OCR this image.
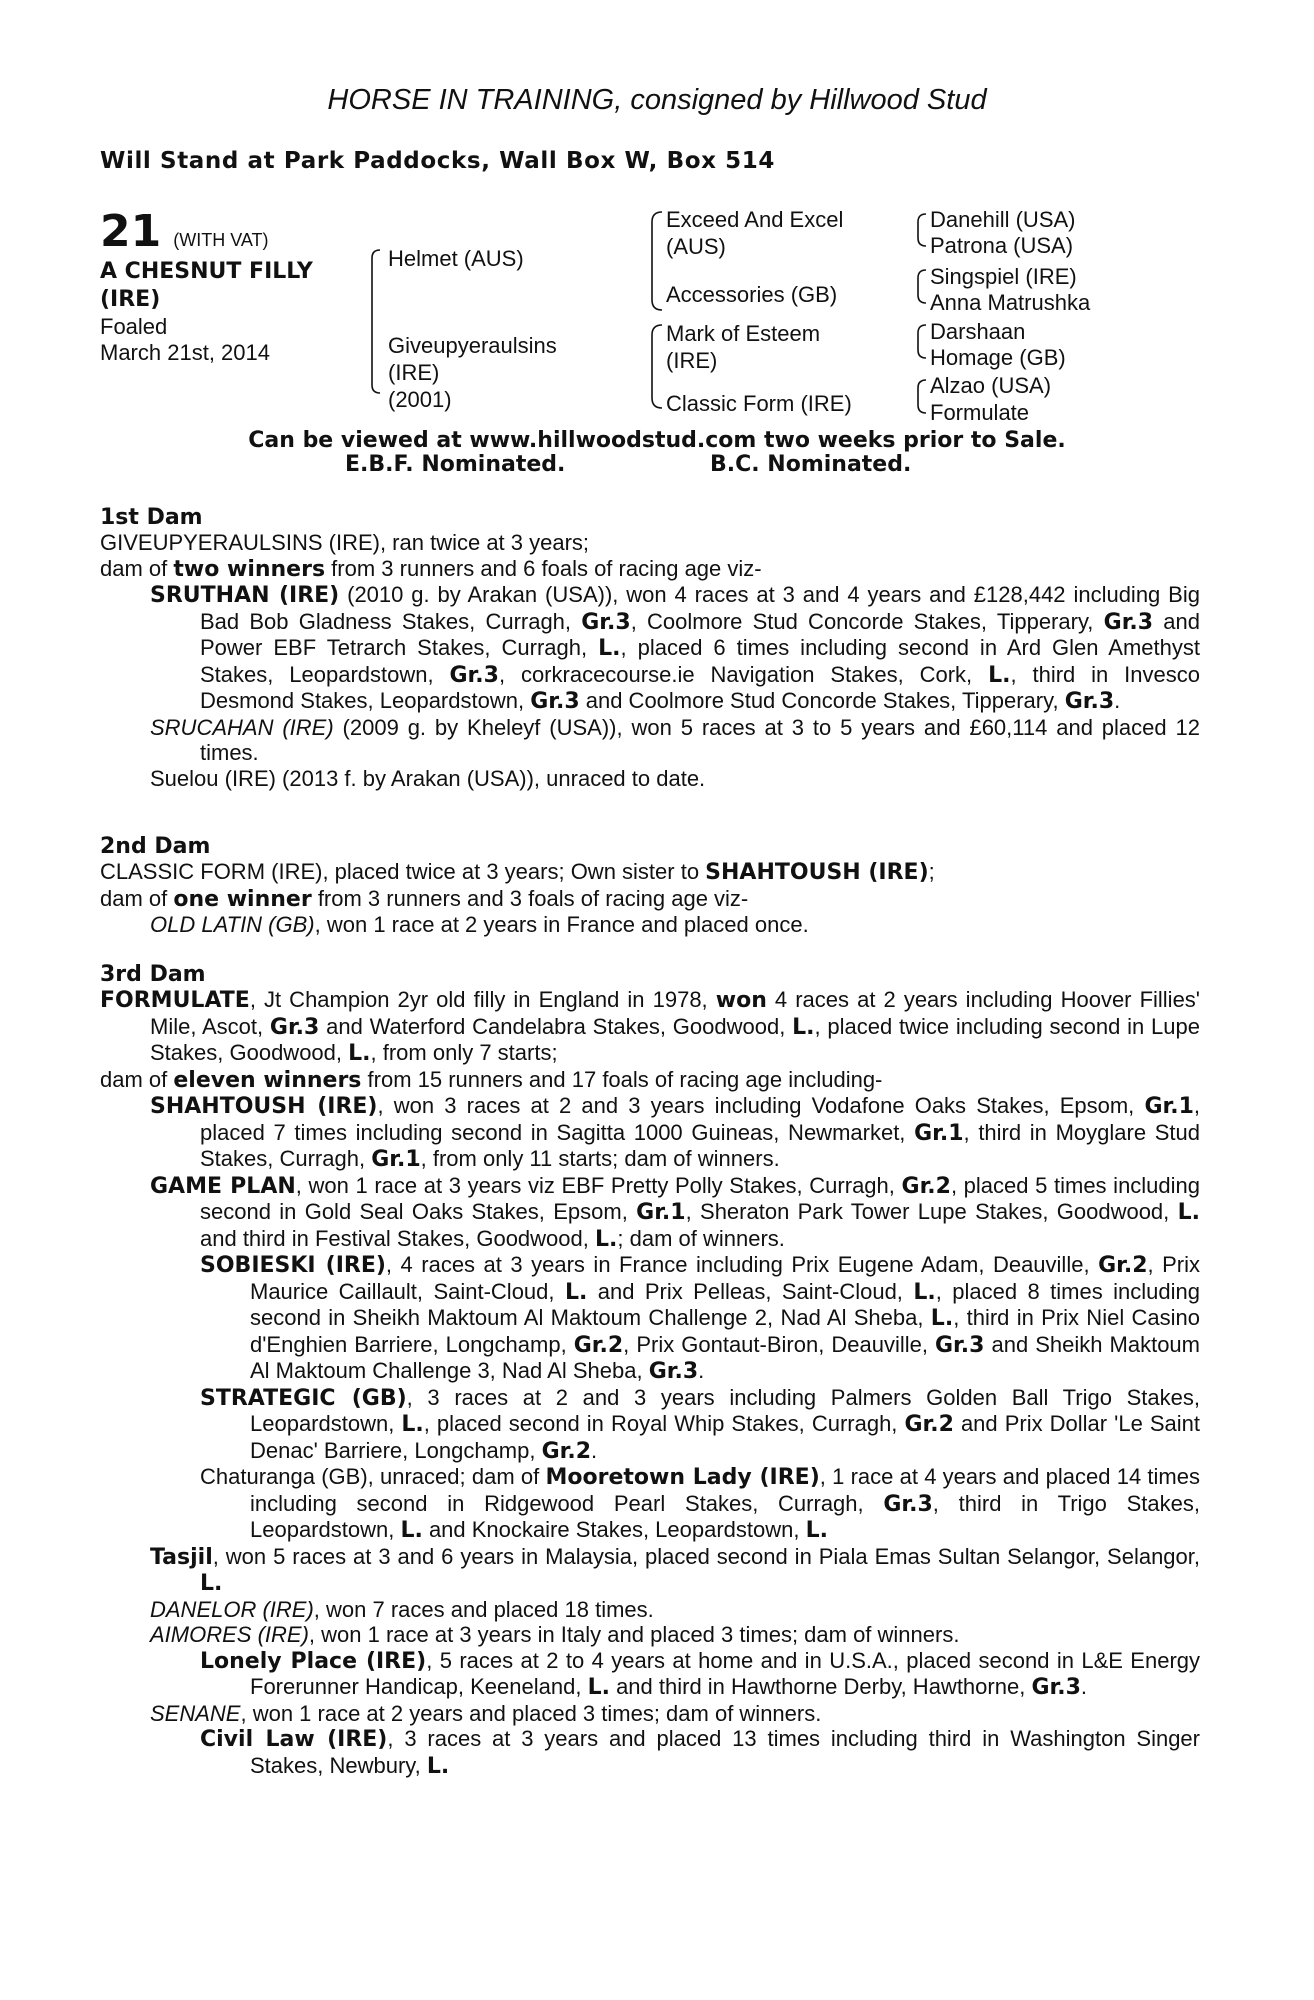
HORSE IN TRAINING, consigned by Hillwood Stud
Will Stand at Park Paddocks, Wall Box W, Box 514
21 (WITH VAT)
A CHESNUT FILLY
(IRE)
Foaled
March 21st, 2014
Helmet (AUS)
Giveupyeraulsins
(IRE)
(2001)
Exceed And Excel
(AUS)
Accessories (GB)
Mark of Esteem
(IRE)
Classic Form (IRE)
Danehill (USA)
Patrona (USA)
Singspiel (IRE)
Anna Matrushka
Darshaan
Homage (GB)
Alzao (USA)
Formulate
Can be viewed at www.hillwoodstud.com two weeks prior to Sale.
E.B.F. Nominated.	B.C. Nominated.
1st Dam
GIVEUPYERAULSINS (IRE), ran twice at 3 years;
dam of two winners from 3 runners and 6 foals of racing age viz-
SRUTHAN (IRE) (2010 g. by Arakan (USA)), won 4 races at 3 and 4 years and £128,442 including Big Bad Bob Gladness Stakes, Curragh, Gr.3, Coolmore Stud Concorde Stakes, Tipperary, Gr.3 and Power EBF Tetrarch Stakes, Curragh, L., placed 6 times including second in Ard Glen Amethyst Stakes, Leopardstown, Gr.3, corkracecourse.ie Navigation Stakes, Cork, L., third in Invesco Desmond Stakes, Leopardstown, Gr.3 and Coolmore Stud Concorde Stakes, Tipperary, Gr.3.
SRUCAHAN (IRE) (2009 g. by Kheleyf (USA)), won 5 races at 3 to 5 years and £60,114 and placed 12 times.
Suelou (IRE) (2013 f. by Arakan (USA)), unraced to date.
2nd Dam
CLASSIC FORM (IRE), placed twice at 3 years; Own sister to SHAHTOUSH (IRE);
dam of one winner from 3 runners and 3 foals of racing age viz-
OLD LATIN (GB), won 1 race at 2 years in France and placed once.
3rd Dam
FORMULATE, Jt Champion 2yr old filly in England in 1978, won 4 races at 2 years including Hoover Fillies' Mile, Ascot, Gr.3 and Waterford Candelabra Stakes, Goodwood, L., placed twice including second in Lupe Stakes, Goodwood, L., from only 7 starts;
dam of eleven winners from 15 runners and 17 foals of racing age including-
SHAHTOUSH (IRE), won 3 races at 2 and 3 years including Vodafone Oaks Stakes, Epsom, Gr.1, placed 7 times including second in Sagitta 1000 Guineas, Newmarket, Gr.1, third in Moyglare Stud Stakes, Curragh, Gr.1, from only 11 starts; dam of winners.
GAME PLAN, won 1 race at 3 years viz EBF Pretty Polly Stakes, Curragh, Gr.2, placed 5 times including second in Gold Seal Oaks Stakes, Epsom, Gr.1, Sheraton Park Tower Lupe Stakes, Goodwood, L. and third in Festival Stakes, Goodwood, L.; dam of winners.
SOBIESKI (IRE), 4 races at 3 years in France including Prix Eugene Adam, Deauville, Gr.2, Prix Maurice Caillault, Saint-Cloud, L. and Prix Pelleas, Saint-Cloud, L., placed 8 times including second in Sheikh Maktoum Al Maktoum Challenge 2, Nad Al Sheba, L., third in Prix Niel Casino d'Enghien Barriere, Longchamp, Gr.2, Prix Gontaut-Biron, Deauville, Gr.3 and Sheikh Maktoum Al Maktoum Challenge 3, Nad Al Sheba, Gr.3.
STRATEGIC (GB), 3 races at 2 and 3 years including Palmers Golden Ball Trigo Stakes, Leopardstown, L., placed second in Royal Whip Stakes, Curragh, Gr.2 and Prix Dollar 'Le Saint Denac' Barriere, Longchamp, Gr.2.
Chaturanga (GB), unraced; dam of Mooretown Lady (IRE), 1 race at 4 years and placed 14 times including second in Ridgewood Pearl Stakes, Curragh, Gr.3, third in Trigo Stakes, Leopardstown, L. and Knockaire Stakes, Leopardstown, L.
Tasjil, won 5 races at 3 and 6 years in Malaysia, placed second in Piala Emas Sultan Selangor, Selangor, L.
DANELOR (IRE), won 7 races and placed 18 times.
AIMORES (IRE), won 1 race at 3 years in Italy and placed 3 times; dam of winners.
Lonely Place (IRE), 5 races at 2 to 4 years at home and in U.S.A., placed second in L&E Energy Forerunner Handicap, Keeneland, L. and third in Hawthorne Derby, Hawthorne, Gr.3.
SENANE, won 1 race at 2 years and placed 3 times; dam of winners.
Civil Law (IRE), 3 races at 3 years and placed 13 times including third in Washington Singer Stakes, Newbury, L.
